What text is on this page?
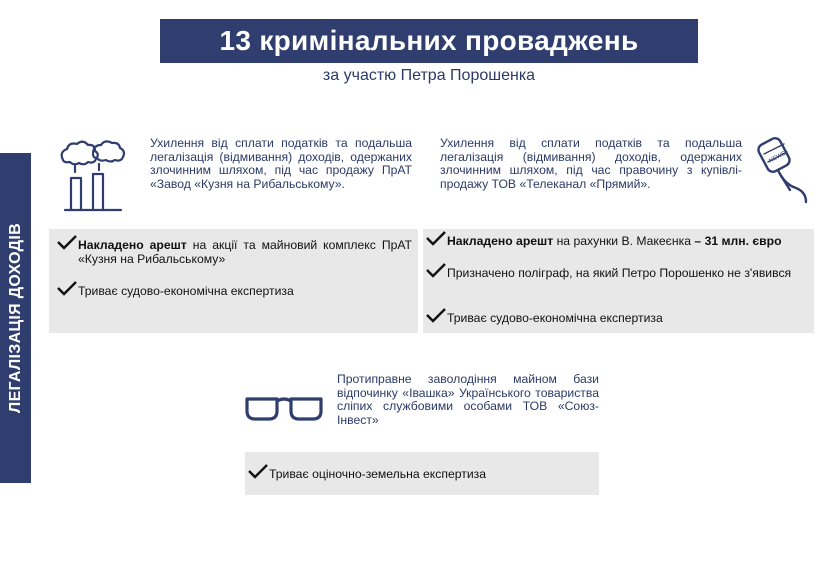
13 кримінальних проваджень
за участю Петра Порошенка
ЛЕГАЛІЗАЦІЯ ДОХОДІВ
Ухилення від сплати податків та подальша легалізація (відмивання) доходів, одержаних злочинним шляхом, під час продажу ПрАТ «Завод «Кузня на Рибальському».
Накладено арешт на акції та майновий комплекс ПрАТ «Кузня на Рибальському»
Триває судово-економічна експертиза
Ухилення від сплати податків та подальша легалізація (відмивання) доходів, одержаних злочинним шляхом, під час правочину з купівлі-продажу ТОВ «Телеканал «Прямий».
NEWS
Накладено арешт на рахунки В. Макеєнка – 31 млн. євро
Призначено поліграф, на який Петро Порошенко не з'явився
Триває судово-економічна експертиза
Протиправне заволодіння майном бази відпочинку «Івашка» Українського товариства сліпих службовими особами ТОВ «Союз-Інвест»
Триває оціночно-земельна експертиза
